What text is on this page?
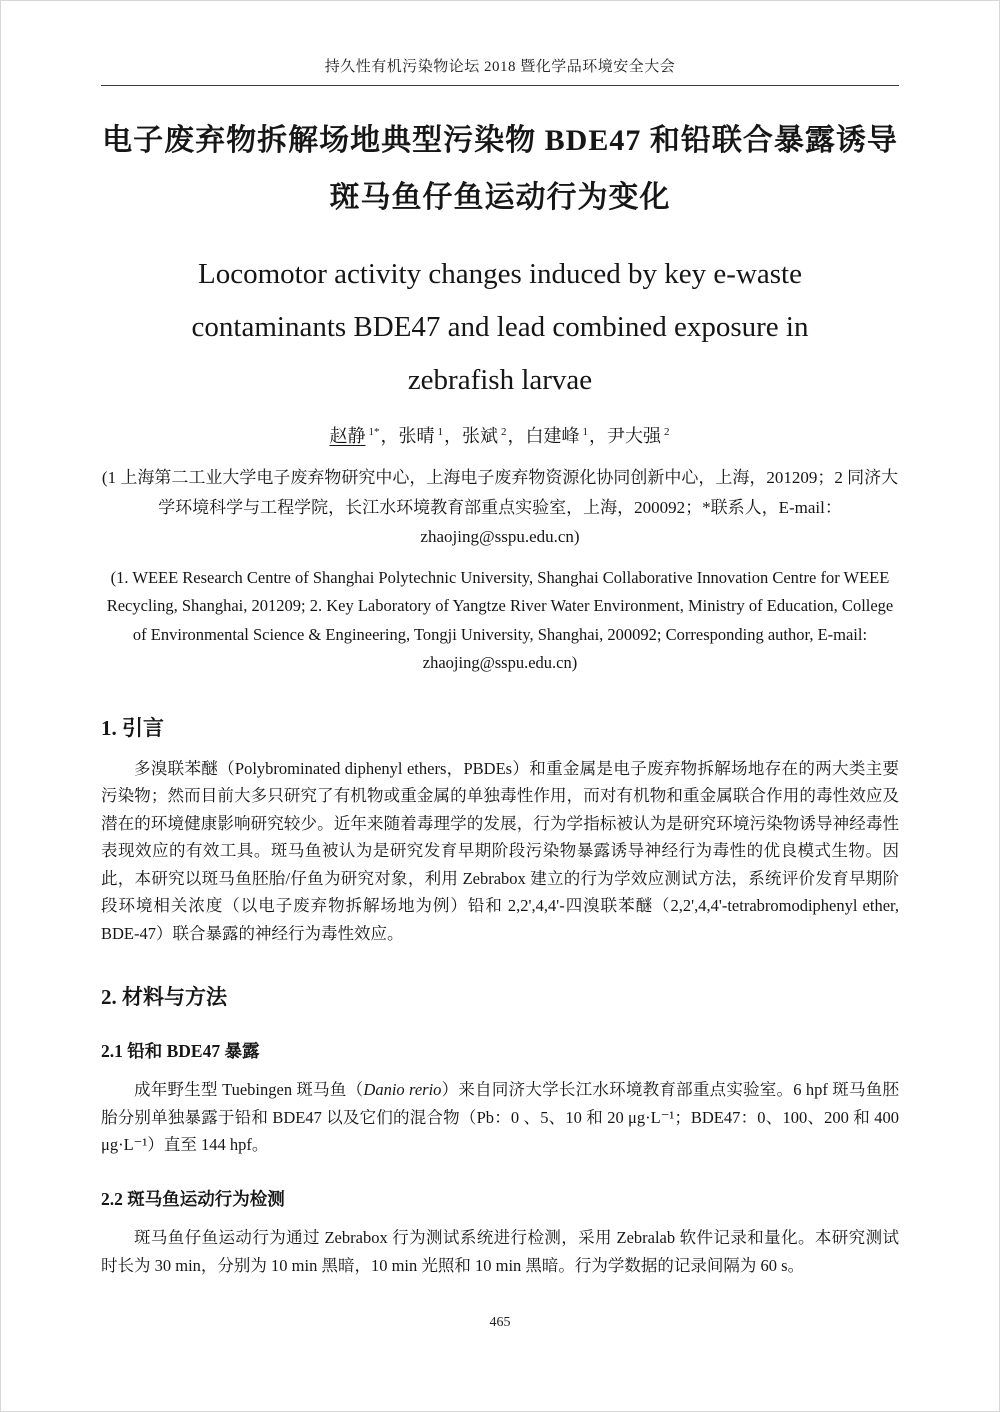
持久性有机污染物论坛 2018 暨化学品环境安全大会
电子废弃物拆解场地典型污染物 BDE47 和铅联合暴露诱导斑马鱼仔鱼运动行为变化
Locomotor activity changes induced by key e-waste contaminants BDE47 and lead combined exposure in zebrafish larvae
赵静 $^{1*}$，张晴 $^1$，张斌 $^2$，白建峰 $^1$，尹大强 $^2$
(1 上海第二工业大学电子废弃物研究中心，上海电子废弃物资源化协同创新中心，上海，201209；2 同济大学环境科学与工程学院，长江水环境教育部重点实验室，上海，200092；*联系人，E-mail：zhaojing@sspu.edu.cn)
(1. WEEE Research Centre of Shanghai Polytechnic University, Shanghai Collaborative Innovation Centre for WEEE Recycling, Shanghai, 201209; 2. Key Laboratory of Yangtze River Water Environment, Ministry of Education, College of Environmental Science & Engineering, Tongji University, Shanghai, 200092; Corresponding author, E-mail: zhaojing@sspu.edu.cn)
1. 引言

多溴联苯醚（Polybrominated diphenyl ethers，PBDEs）和重金属是电子废弃物拆解场地存在的两大类主要污染物；然而目前大多只研究了有机物或重金属的单独毒性作用，而对有机物和重金属联合作用的毒性效应及潜在的环境健康影响研究较少。近年来随着毒理学的发展，行为学指标被认为是研究环境污染物诱导神经毒性表现效应的有效工具。斑马鱼被认为是研究发育早期阶段污染物暴露诱导神经行为毒性的优良模式生物。因此，本研究以斑马鱼胚胎/仔鱼为研究对象，利用 Zebrabox 建立的行为学效应测试方法，系统评价发育早期阶段环境相关浓度（以电子废弃物拆解场地为例）铅和 2,2',4,4'-四溴联苯醚（2,2',4,4'-tetrabromodiphenyl ether, BDE-47）联合暴露的神经行为毒性效应。

2. 材料与方法
2.1 铅和 BDE47 暴露

成年野生型 Tuebingen 斑马鱼（Danio rerio）来自同济大学长江水环境教育部重点实验室。6 hpf 斑马鱼胚胎分别单独暴露于铅和 BDE47 以及它们的混合物（Pb：0 、5、10 和 20 μg·L⁻¹；BDE47：0、100、200 和 400 μg·L⁻¹）直至 144 hpf。

2.2 斑马鱼运动行为检测

斑马鱼仔鱼运动行为通过 Zebrabox 行为测试系统进行检测，采用 Zebralab 软件记录和量化。本研究测试时长为 30 min，分别为 10 min 黑暗，10 min 光照和 10 min 黑暗。行为学数据的记录间隔为 60 s。

465
